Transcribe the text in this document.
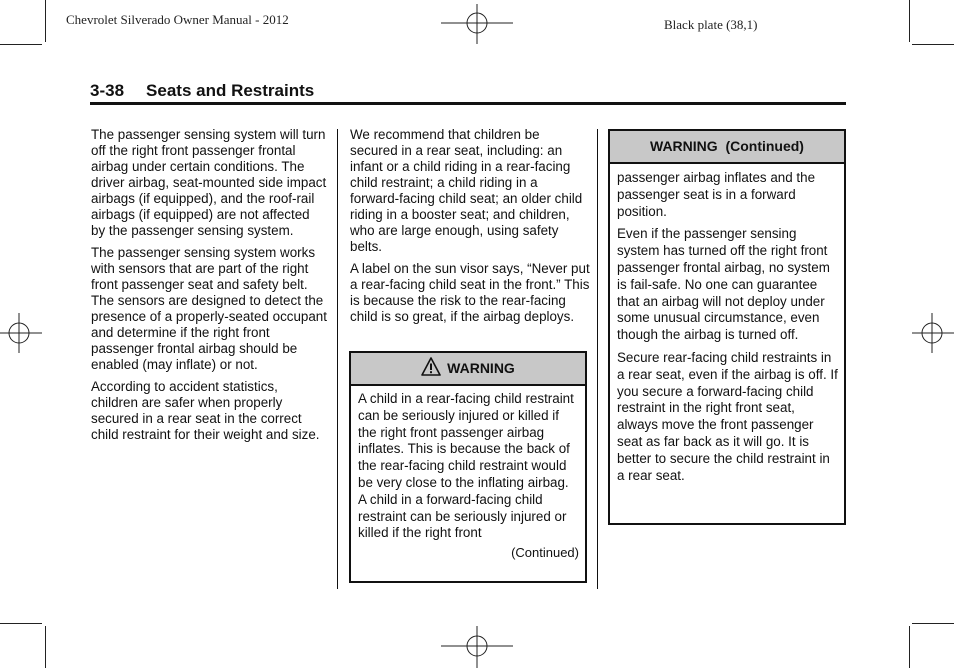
Chevrolet Silverado Owner Manual - 2012	Black plate (38,1)
3-38 Seats and Restraints

The passenger sensing system will turn off the right front passenger frontal airbag under certain conditions. The driver airbag, seat-mounted side impact airbags (if equipped), and the roof-rail airbags (if equipped) are not affected by the passenger sensing system.

The passenger sensing system works with sensors that are part of the right front passenger seat and safety belt. The sensors are designed to detect the presence of a properly-seated occupant and determine if the right front passenger frontal airbag should be enabled (may inflate) or not.

According to accident statistics, children are safer when properly secured in a rear seat in the correct child restraint for their weight and size.

We recommend that children be secured in a rear seat, including: an infant or a child riding in a rear-facing child restraint; a child riding in a forward-facing child seat; an older child riding in a booster seat; and children, who are large enough, using safety belts.

A label on the sun visor says, “Never put a rear-facing child seat in the front.” This is because the risk to the rear-facing child is so great, if the airbag deploys.

WARNING
A child in a rear-facing child restraint can be seriously injured or killed if the right front passenger airbag inflates. This is because the back of the rear-facing child restraint would be very close to the inflating airbag. A child in a forward-facing child restraint can be seriously injured or killed if the right front
(Continued)
WARNING  (Continued)

passenger airbag inflates and the passenger seat is in a forward position.

Even if the passenger sensing system has turned off the right front passenger frontal airbag, no system is fail-safe. No one can guarantee that an airbag will not deploy under some unusual circumstance, even though the airbag is turned off.

Secure rear-facing child restraints in a rear seat, even if the airbag is off. If you secure a forward-facing child restraint in the right front seat, always move the front passenger seat as far back as it will go. It is better to secure the child restraint in a rear seat.
